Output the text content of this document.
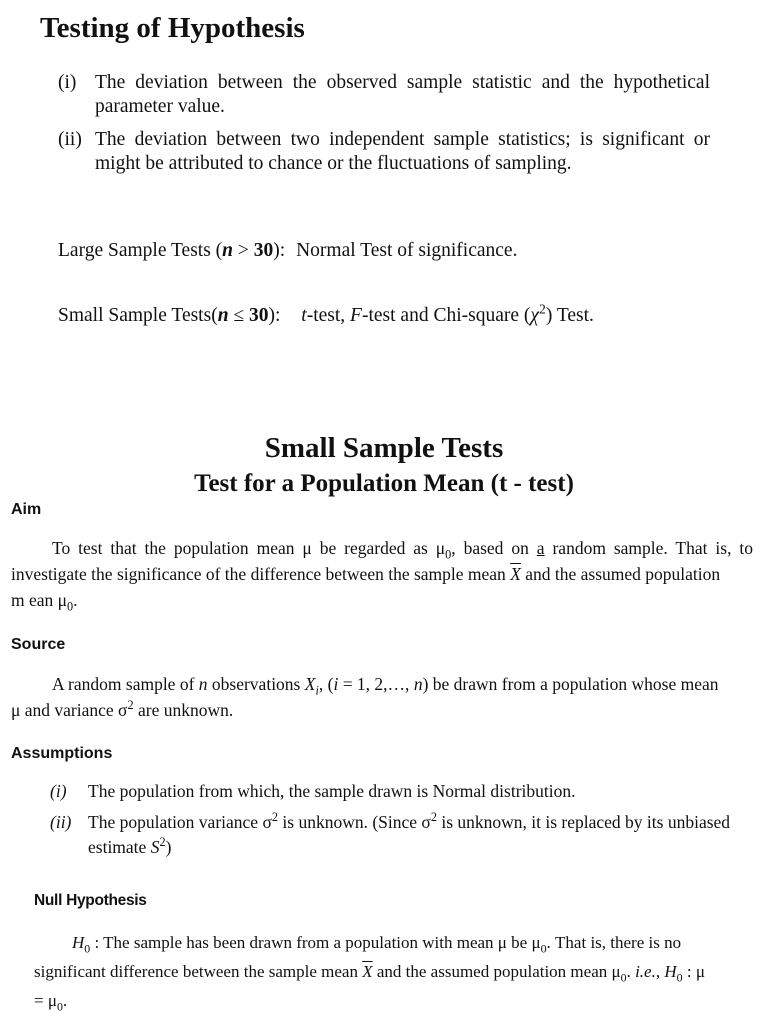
Testing of Hypothesis
(i) The deviation between the observed sample statistic and the hypothetical parameter value.
(ii) The deviation between two independent sample statistics; is significant or might be attributed to chance or the fluctuations of sampling.
Large Sample Tests (n > 30): Normal Test of significance.
Small Sample Tests(n ≤ 30): t-test, F-test and Chi-square $(\chi^2)$ Test.
Small Sample Tests
Test for a Population Mean (t - test)
Aim
To test that the population mean μ be regarded as $\mu_0$, based on a random sample. That is, to
investigate the significance of the difference between the sample mean $\overline{X}$ and the assumed population
m ean $\mu_0$.
Source
A random sample of n observations $X_i$, (i = 1, 2,…, n) be drawn from a population whose mean
μ and variance $\sigma^2$ are unknown.
Assumptions
(i) The population from which, the sample drawn is Normal distribution.
(ii) The population variance $\sigma^2$ is unknown. (Since $\sigma^2$ is unknown, it is replaced by its unbiased
estimate $S^2$)
Null Hypothesis
$H_0$ : The sample has been drawn from a population with mean μ be $\mu_0$. That is, there is no
significant difference between the sample mean $\overline{X}$ and the assumed population mean $\mu_0$. i.e., $H_0$ : μ
= $\mu_0$.
